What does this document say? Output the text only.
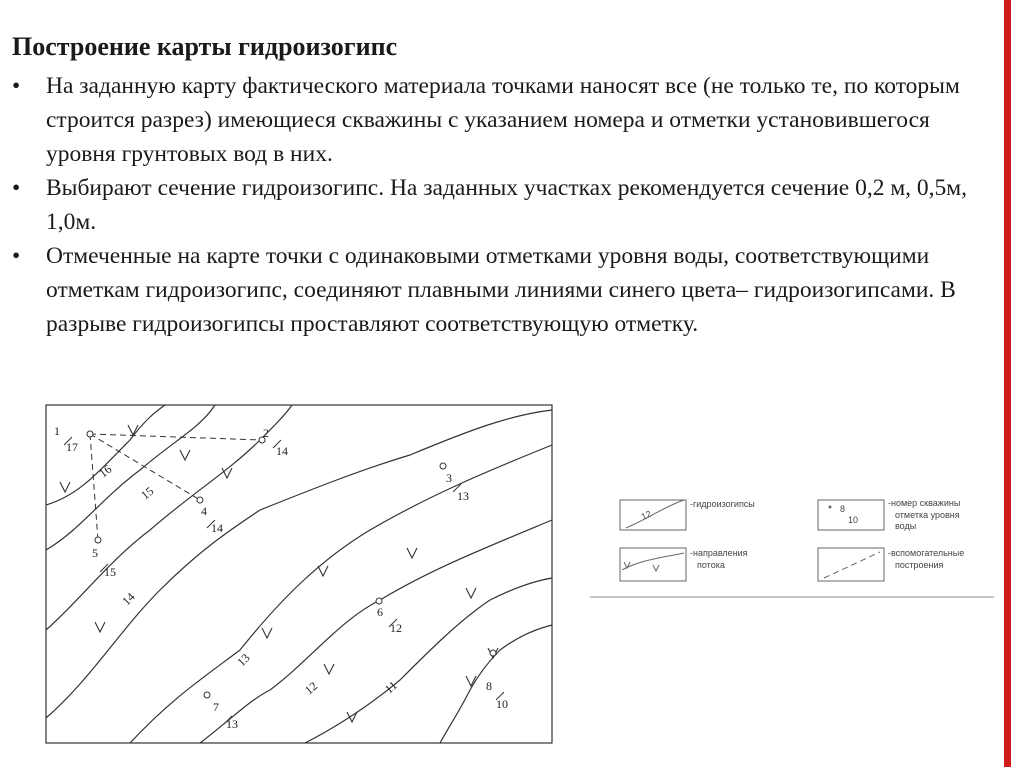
Построение карты гидроизогипс
• На заданную карту фактического материала точками наносят все (не только те, по которым строится разрез) имеющиеся скважины с указанием номера и отметки установившегося уровня грунтовых вод в них.
• Выбирают сечение гидроизогипс. На заданных участках рекомендуется сечение 0,2 м, 0,5м, 1,0м.
• Отмеченные на карте точки с одинаковыми отметками уровня воды, соответствующими отметкам гидроизогипс, соединяют плавными линиями синего цвета– гидроизогипсами. В разрыве гидроизогипсы проставляют соответствующую отметку.
1	2
3
4
5
6
7
8
17	14
13
14
15
12
13
10
16
15
14
13
12	11
12
-гидроизогипсы	8
10
-номер скважины
отметка уровня
воды
-направления
потока
-вспомогательные
построения
